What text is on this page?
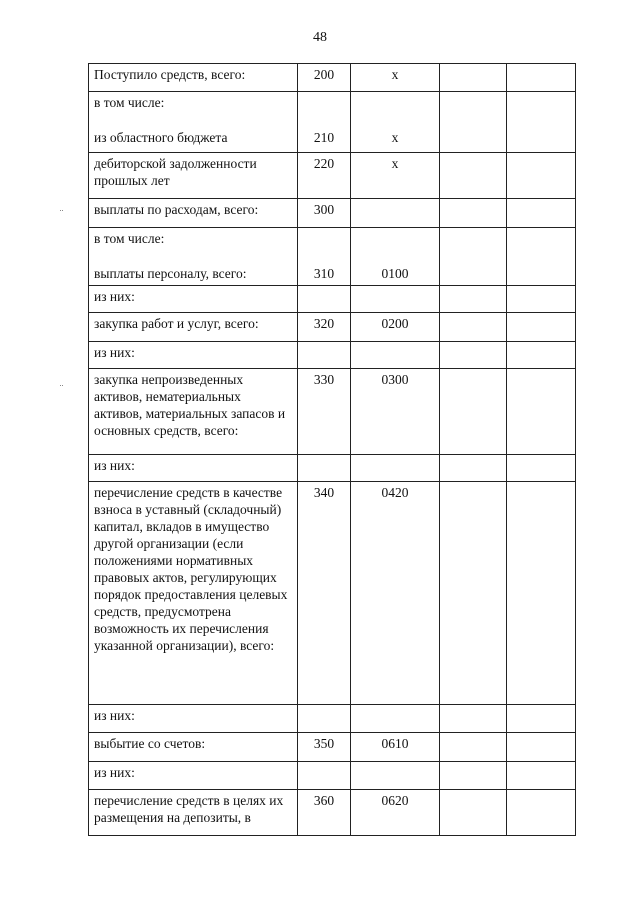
48
Поступило средств, всего:	200	x		

в том числе:
из областного бюджета	210	x		

дебиторской задолженности прошлых лет	220	x		
выплаты по расходам, всего:	300			

в том числе:
выплаты персоналу, всего:	310	0100		

из них:				
закупка работ и услуг, всего:	320	0200		
из них:				
закупка непроизведенных активов, нематериальных активов, материальных запасов и основных средств, всего:	330	0300		
из них:				
перечисление средств в качестве взноса в уставный (складочный) капитал, вкладов в имущество другой организации (если положениями нормативных правовых актов, регулирующих порядок предоставления целевых средств, предусмотрена возможность их перечисления указанной организации), всего:	340	0420		
из них:				
выбытие со счетов:	350	0610		
из них:				
перечисление средств в целях их размещения на депозиты, в	360	0620		
